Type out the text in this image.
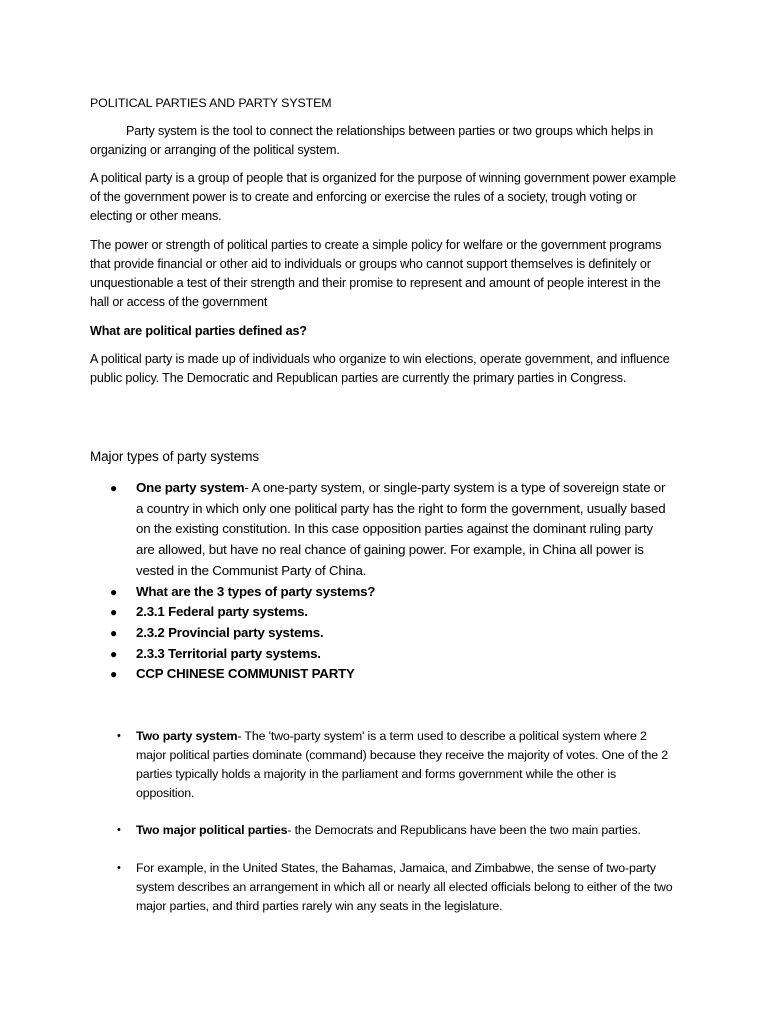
POLITICAL PARTIES AND PARTY SYSTEM

Party system is the tool to connect the relationships between parties or two groups which helps in organizing or arranging of the political system.

A political party is a group of people that is organized for the purpose of winning government power example of the government power is to create and enforcing or exercise the rules of a society, trough voting or electing or other means.

The power or strength of political parties to create a simple policy for welfare or the government programs that provide financial or other aid to individuals or groups who cannot support themselves is definitely or unquestionable a test of their strength and their promise to represent and amount of people interest in the hall or access of the government

What are political parties defined as?

A political party is made up of individuals who organize to win elections, operate government, and influence public policy. The Democratic and Republican parties are currently the primary parties in Congress.

Major types of party systems

● One party system- A one-party system, or single-party system is a type of sovereign state or a country in which only one political party has the right to form the government, usually based on the existing constitution. In this case opposition parties against the dominant ruling party are allowed, but have no real chance of gaining power. For example, in China all power is vested in the Communist Party of China.
● What are the 3 types of party systems?
● 2.3.1 Federal party systems.
● 2.3.2 Provincial party systems.
● 2.3.3 Territorial party systems.
● CCP CHINESE COMMUNIST PARTY
•	Two party system- The 'two-party system' is a term used to describe a political system where 2 major political parties dominate (command) because they receive the majority of votes. One of the 2 parties typically holds a majority in the parliament and forms government while the other is opposition.
•	Two major political parties- the Democrats and Republicans have been the two main parties.
•	For example, in the United States, the Bahamas, Jamaica, and Zimbabwe, the sense of two-party system describes an arrangement in which all or nearly all elected officials belong to either of the two major parties, and third parties rarely win any seats in the legislature.
